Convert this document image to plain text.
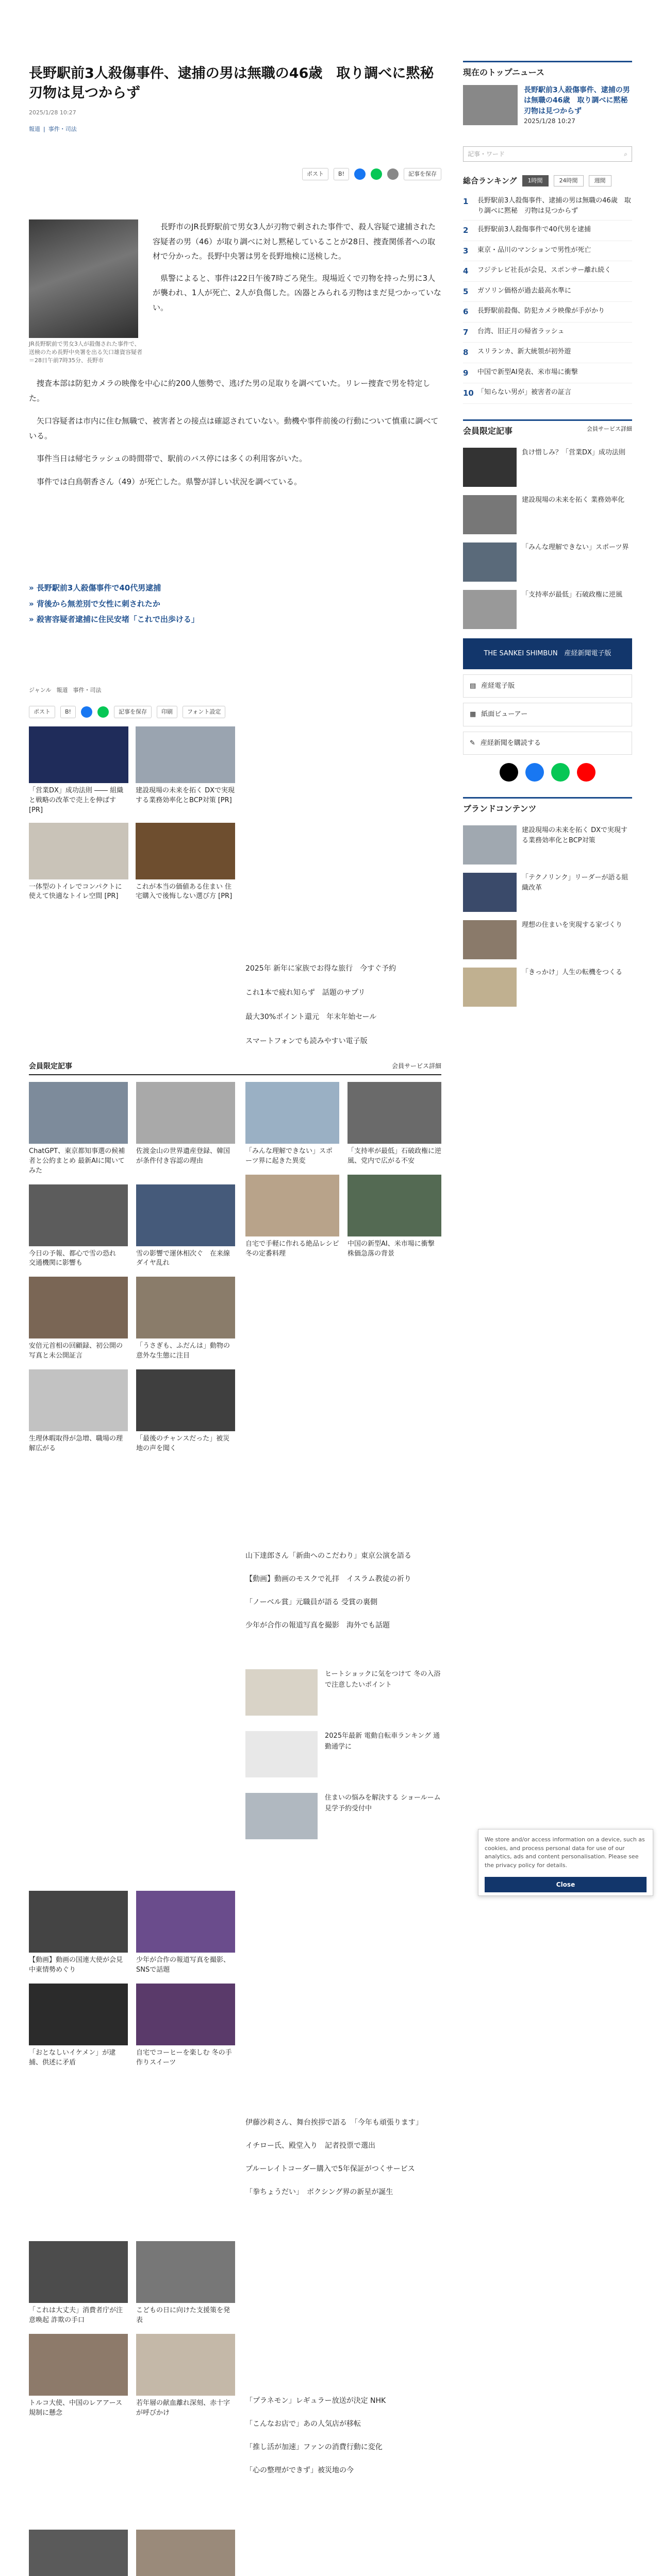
長野駅前3人殺傷事件、逮捕の男は無職の46歳　取り調べに黙秘　刃物は見つからず
2025/1/28 10:27
報道 | 事件・司法
ポスト	B!	記事を保存
JR長野駅前で男女3人が殺傷された事件で、送検のため長野中央署を出る矢口雄資容疑者＝28日午前7時35分、長野市

長野市のJR長野駅前で男女3人が刃物で刺された事件で、殺人容疑で逮捕された容疑者の男（46）が取り調べに対し黙秘していることが28日、捜査関係者への取材で分かった。長野中央署は男を長野地検に送検した。

県警によると、事件は22日午後7時ごろ発生。現場近くで刃物を持った男に3人が襲われ、1人が死亡、2人が負傷した。凶器とみられる刃物はまだ見つかっていない。

捜査本部は防犯カメラの映像を中心に約200人態勢で、逃げた男の足取りを調べていた。リレー捜査で男を特定した。

矢口容疑者は市内に住む無職で、被害者との接点は確認されていない。動機や事件前後の行動について慎重に調べている。

事件当日は帰宅ラッシュの時間帯で、駅前のバス停には多くの利用客がいた。

事件では白鳥朝香さん（49）が死亡した。県警が詳しい状況を調べている。

» 長野駅前3人殺傷事件で40代男逮捕
» 背後から無差別で女性に刺されたか
» 殺害容疑者逮捕に住民安堵「これで出歩ける」
ジャンル 報道 事件・司法
ポスト	B!	記事を保存	印刷	フォント設定
「営業DX」成功法則 ―― 組織と戦略の改革で売上を伸ばす [PR]
建設現場の未来を拓く DXで実現する業務効率化とBCP対策 [PR]
一体型のトイレでコンパクトに使えて快適なトイレ空間 [PR]
これが本当の価値ある住まい 住宅購入で後悔しない選び方 [PR]

2025年 新年に家族でお得な旅行　今すぐ予約

これ1本で疲れ知らず　話題のサプリ

最大30%ポイント還元　年末年始セール

スマートフォンでも読みやすい電子版

会員限定記事	会員サービス詳細
ChatGPT、東京都知事選の候補者と公約まとめ 最新AIに聞いてみた
佐渡金山の世界遺産登録、韓国が条件付き容認の理由
今日の予報、都心で雪の恐れ　交通機関に影響も
雪の影響で運休相次ぐ　在来線ダイヤ乱れ
安倍元首相の回顧録、初公開の写真と未公開証言
「うさぎも、ふだんは」動物の意外な生態に注目
生理休暇取得が急増、職場の理解広がる
「最後のチャンスだった」被災地の声を聞く
「みんな理解できない」スポーツ界に起きた異変
「支持率が最低」石破政権に逆風、党内で広がる不安
自宅で手軽に作れる絶品レシピ 冬の定番料理
中国の新型AI、米市場に衝撃　株価急落の背景

山下達郎さん「新曲へのこだわり」東京公演を語る

【動画】動画のモスクで礼拝　イスラム教徒の祈り

「ノーベル賞」元職員が語る 受賞の裏側

少年が合作の報道写真を撮影　海外でも話題

ヒートショックに気をつけて 冬の入浴で注意したいポイント
2025年最新 電動自転車ランキング 通勤通学に
住まいの悩みを解決する ショールーム見学予約受付中
【動画】動画の国連大使が会見 中東情勢めぐり
少年が合作の報道写真を撮影、SNSで話題
「おとなしいイケメン」が逮捕、供述に矛盾
自宅でコーヒーを楽しむ 冬の手作りスイーツ

伊藤沙莉さん、舞台挨拶で語る　「今年も頑張ります」

イチロー氏、殿堂入り　記者投票で選出

プルーレイトコーダー購入で5年保証がつくサービス

「拳ちょうだい」　ボクシング界の新星が誕生

「これは大丈夫」消費者庁が注意喚起 詐欺の手口
こどもの日に向けた支援策を発表
トルコ大使、中国のレアアース規制に懸念
若年層の献血離れ深刻、赤十字が呼びかけ

「プラネモン」レギュラー放送が決定 NHK

「こんなお店で」あの人気店が移転

「推し活が加速」ファンの消費行動に変化

「心の整理ができず」被災地の今

現在のトップニュース
長野駅前3人殺傷事件、逮捕の男は無職の46歳　取り調べに黙秘　刃物は見つからず
2025/1/28 10:27
記事・ワード	⌕
総合ランキング	1時間	24時間	週間
1	長野駅前3人殺傷事件、逮捕の男は無職の46歳　取り調べに黙秘　刃物は見つからず
2	長野駅前3人殺傷事件で40代男を逮捕
3	東京・品川のマンションで男性が死亡
4	フジテレビ社長が会見、スポンサー離れ続く
5	ガソリン価格が過去最高水準に
6	長野駅前殺傷、防犯カメラ映像が手がかり
7	台湾、旧正月の帰省ラッシュ
8	スリランカ、新大統領が初外遊
9	中国で新型AI発表、米市場に衝撃
10 「知らない男が」被害者の証言
会員限定記事	会員サービス詳細
負け惜しみ？「営業DX」成功法則
建設現場の未来を拓く 業務効率化
「みんな理解できない」スポーツ界
「支持率が最低」石破政権に逆風
THE SANKEI SHIMBUN　産経新聞電子版
▤ 産経電子版
▦ 紙面ビューアー
✎ 産経新聞を購読する
ブランドコンテンツ
建設現場の未来を拓く DXで実現する業務効率化とBCP対策
「テクノリンク」リーダーが語る組織改革
理想の住まいを実現する家づくり
「きっかけ」人生の転機をつくる
We store and/or access information on a device, such as cookies, and process personal data for use of our analytics, ads and content personalisation. Please see the privacy policy for details.
Close
